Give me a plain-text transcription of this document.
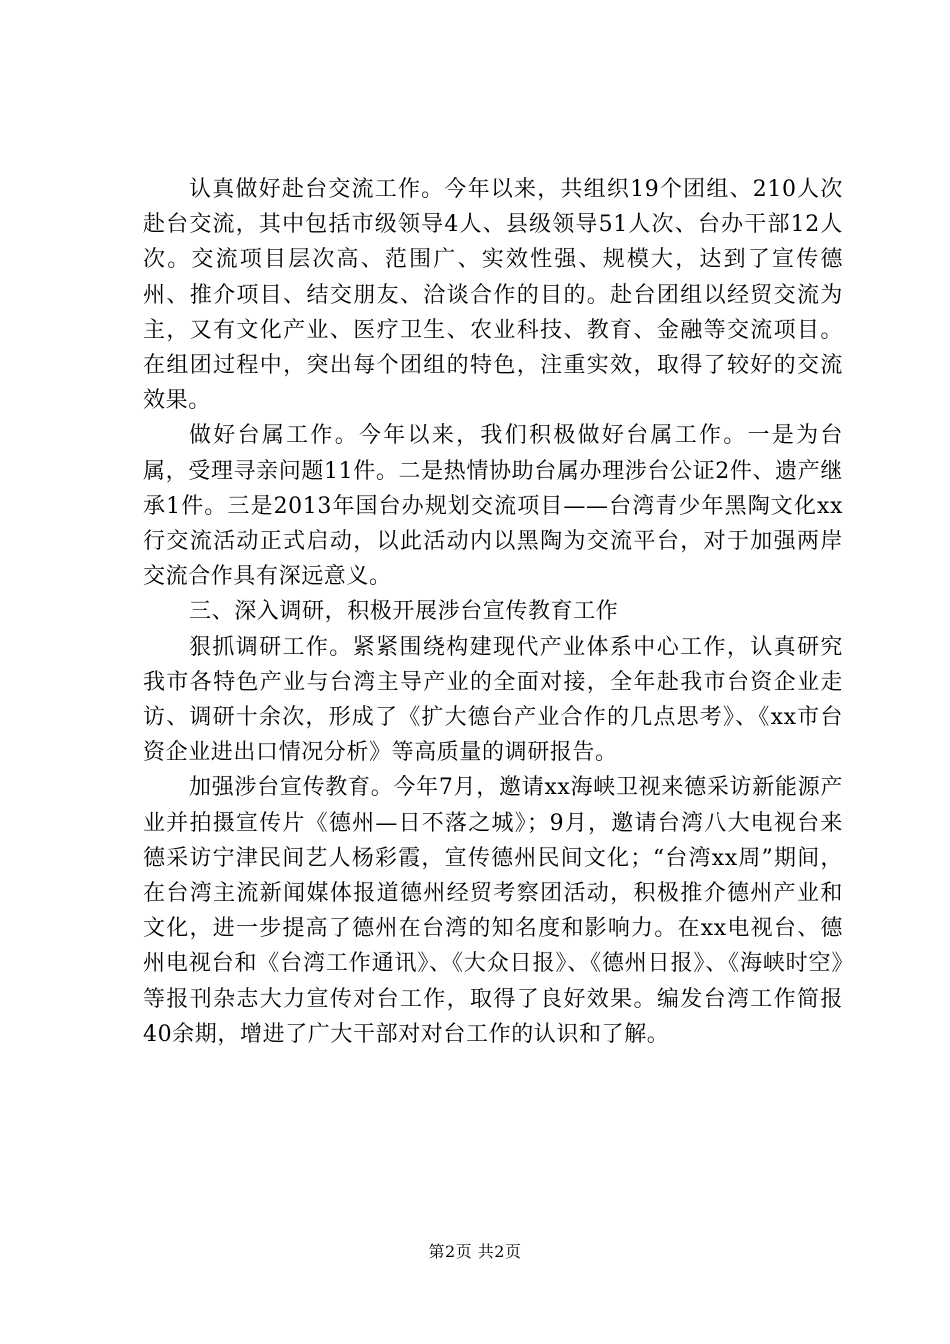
认真做好赴台交流工作。今年以来，共组织19个团组、210人次赴台交流，其中包括市级领导4人、县级领导51人次、台办干部12人次。交流项目层次高、范围广、实效性强、规模大，达到了宣传德州、推介项目、结交朋友、洽谈合作的目的。赴台团组以经贸交流为主，又有文化产业、医疗卫生、农业科技、教育、金融等交流项目。在组团过程中，突出每个团组的特色，注重实效，取得了较好的交流效果。

做好台属工作。今年以来，我们积极做好台属工作。一是为台属，受理寻亲问题11件。二是热情协助台属办理涉台公证2件、遗产继承1件。三是2013年国台办规划交流项目——台湾青少年黑陶文化xx行交流活动正式启动，以此活动内以黑陶为交流平台，对于加强两岸交流合作具有深远意义。

三、深入调研，积极开展涉台宣传教育工作

狠抓调研工作。紧紧围绕构建现代产业体系中心工作，认真研究我市各特色产业与台湾主导产业的全面对接，全年赴我市台资企业走访、调研十余次，形成了《扩大德台产业合作的几点思考》、《xx市台资企业进出口情况分析》等高质量的调研报告。

加强涉台宣传教育。今年7月，邀请xx海峡卫视来德采访新能源产业并拍摄宣传片《德州—日不落之城》；9月，邀请台湾八大电视台来德采访宁津民间艺人杨彩霞，宣传德州民间文化；“台湾xx周”期间，在台湾主流新闻媒体报道德州经贸考察团活动，积极推介德州产业和文化，进一步提高了德州在台湾的知名度和影响力。在xx电视台、德州电视台和《台湾工作通讯》、《大众日报》、《德州日报》、《海峡时空》等报刊杂志大力宣传对台工作，取得了良好效果。编发台湾工作简报40余期，增进了广大干部对对台工作的认识和了解。

第2页 共2页
